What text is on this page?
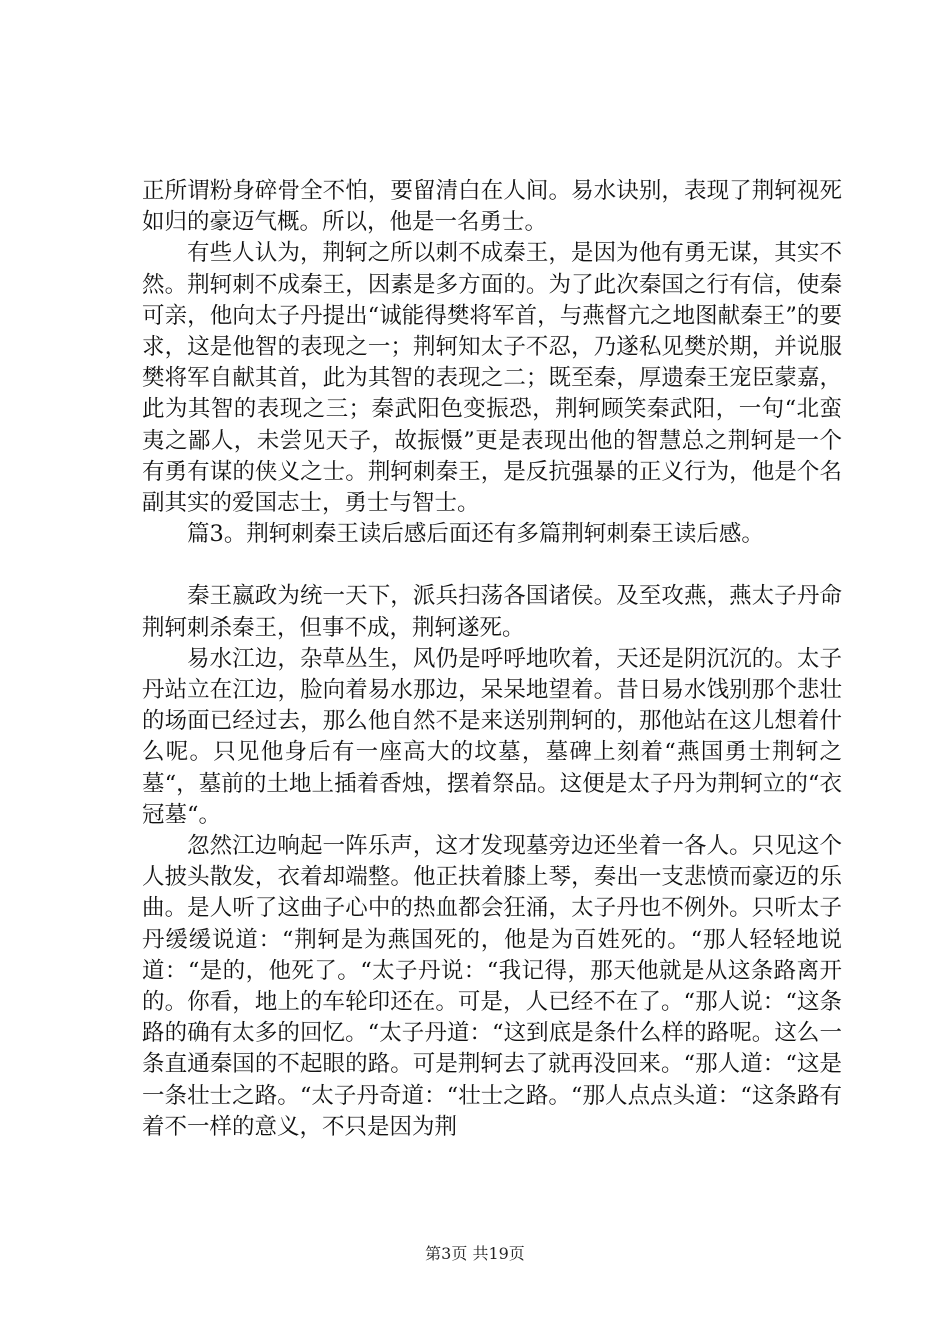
正所谓粉身碎骨全不怕，要留清白在人间。易水诀别，表现了荆轲视死如归的豪迈气概。所以，他是一名勇士。

有些人认为，荆轲之所以刺不成秦王，是因为他有勇无谋，其实不然。荆轲刺不成秦王，因素是多方面的。为了此次秦国之行有信，使秦可亲，他向太子丹提出“诚能得樊将军首，与燕督亢之地图献秦王”的要求，这是他智的表现之一；荆轲知太子不忍，乃遂私见樊於期，并说服樊将军自献其首，此为其智的表现之二；既至秦，厚遗秦王宠臣蒙嘉，此为其智的表现之三；秦武阳色变振恐，荆轲顾笑秦武阳，一句“北蛮夷之鄙人，未尝见天子，故振慑”更是表现出他的智慧总之荆轲是一个有勇有谋的侠义之士。荆轲刺秦王，是反抗强暴的正义行为，他是个名副其实的爱国志士，勇士与智士。

篇3。荆轲刺秦王读后感后面还有多篇荆轲刺秦王读后感。

秦王嬴政为统一天下，派兵扫荡各国诸侯。及至攻燕，燕太子丹命荆轲刺杀秦王，但事不成，荆轲遂死。

易水江边，杂草丛生，风仍是呼呼地吹着，天还是阴沉沉的。太子丹站立在江边，脸向着易水那边，呆呆地望着。昔日易水饯别那个悲壮的场面已经过去，那么他自然不是来送别荆轲的，那他站在这儿想着什么呢。只见他身后有一座高大的坟墓，墓碑上刻着“燕国勇士荆轲之墓“，墓前的土地上插着香烛，摆着祭品。这便是太子丹为荆轲立的“衣冠墓“。

忽然江边响起一阵乐声，这才发现墓旁边还坐着一各人。只见这个人披头散发，衣着却端整。他正扶着膝上琴，奏出一支悲愤而豪迈的乐曲。是人听了这曲子心中的热血都会狂涌，太子丹也不例外。只听太子丹缓缓说道：“荆轲是为燕国死的，他是为百姓死的。“那人轻轻地说道：“是的，他死了。“太子丹说：“我记得，那天他就是从这条路离开的。你看，地上的车轮印还在。可是，人已经不在了。“那人说：“这条路的确有太多的回忆。“太子丹道：“这到底是条什么样的路呢。这么一条直通秦国的不起眼的路。可是荆轲去了就再没回来。“那人道：“这是一条壮士之路。“太子丹奇道：“壮士之路。“那人点点头道：“这条路有着不一样的意义，不只是因为荆

第3页 共19页
